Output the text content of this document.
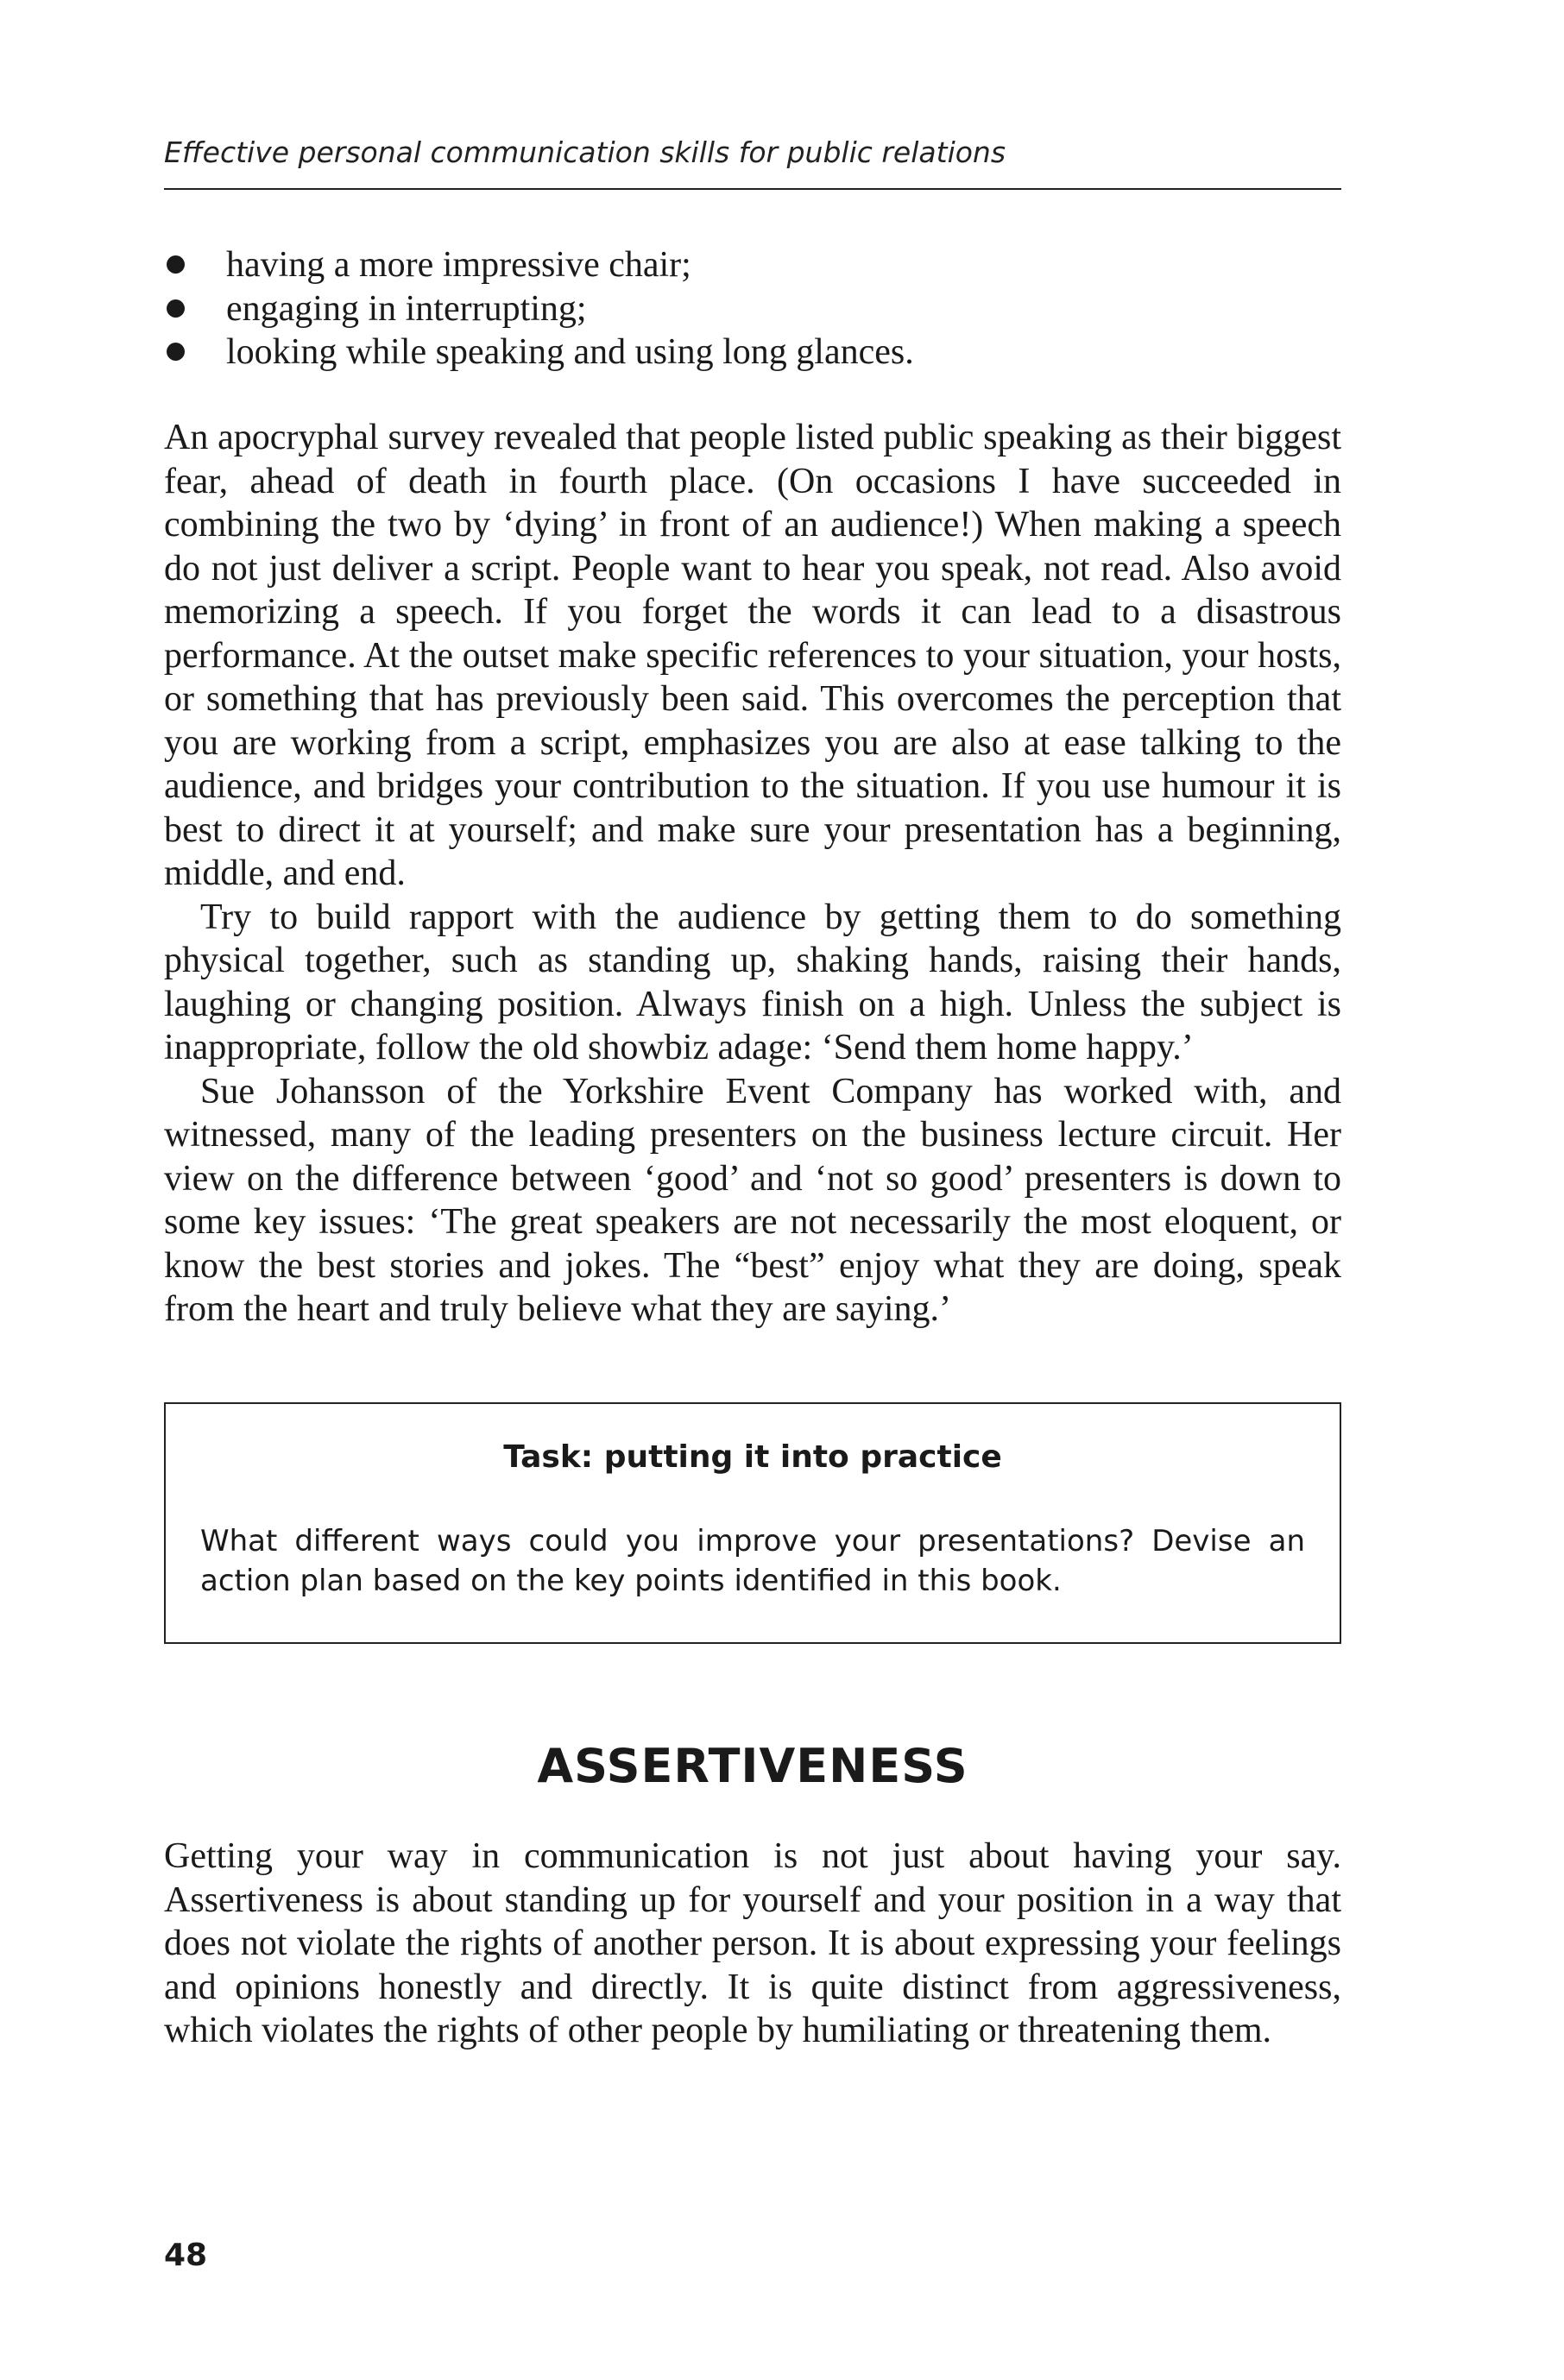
Effective personal communication skills for public relations
having a more impressive chair;
engaging in interrupting;
looking while speaking and using long glances.

An apocryphal survey revealed that people listed public speaking as their biggest fear, ahead of death in fourth place. (On occasions I have succeeded in combining the two by ‘dying’ in front of an audience!) When making a speech do not just deliver a script. People want to hear you speak, not read. Also avoid memorizing a speech. If you forget the words it can lead to a disastrous performance. At the outset make specific references to your situation, your hosts, or something that has previously been said. This overcomes the perception that you are working from a script, emphasizes you are also at ease talking to the audience, and bridges your contribution to the situation. If you use humour it is best to direct it at yourself; and make sure your presentation has a beginning, middle, and end.

Try to build rapport with the audience by getting them to do something physical together, such as standing up, shaking hands, raising their hands, laughing or changing position. Always finish on a high. Unless the subject is inappropriate, follow the old showbiz adage: ‘Send them home happy.’

Sue Johansson of the Yorkshire Event Company has worked with, and witnessed, many of the leading presenters on the business lecture circuit. Her view on the difference between ‘good’ and ‘not so good’ presenters is down to some key issues: ‘The great speakers are not necessarily the most eloquent, or know the best stories and jokes. The “best” enjoy what they are doing, speak from the heart and truly believe what they are saying.’

Task: putting it into practice

What different ways could you improve your presentations? Devise an action plan based on the key points identified in this book.

ASSERTIVENESS

Getting your way in communication is not just about having your say. Assertiveness is about standing up for yourself and your position in a way that does not violate the rights of another person. It is about expressing your feelings and opinions honestly and directly. It is quite distinct from aggressiveness, which violates the rights of other people by humiliating or threatening them.

48
